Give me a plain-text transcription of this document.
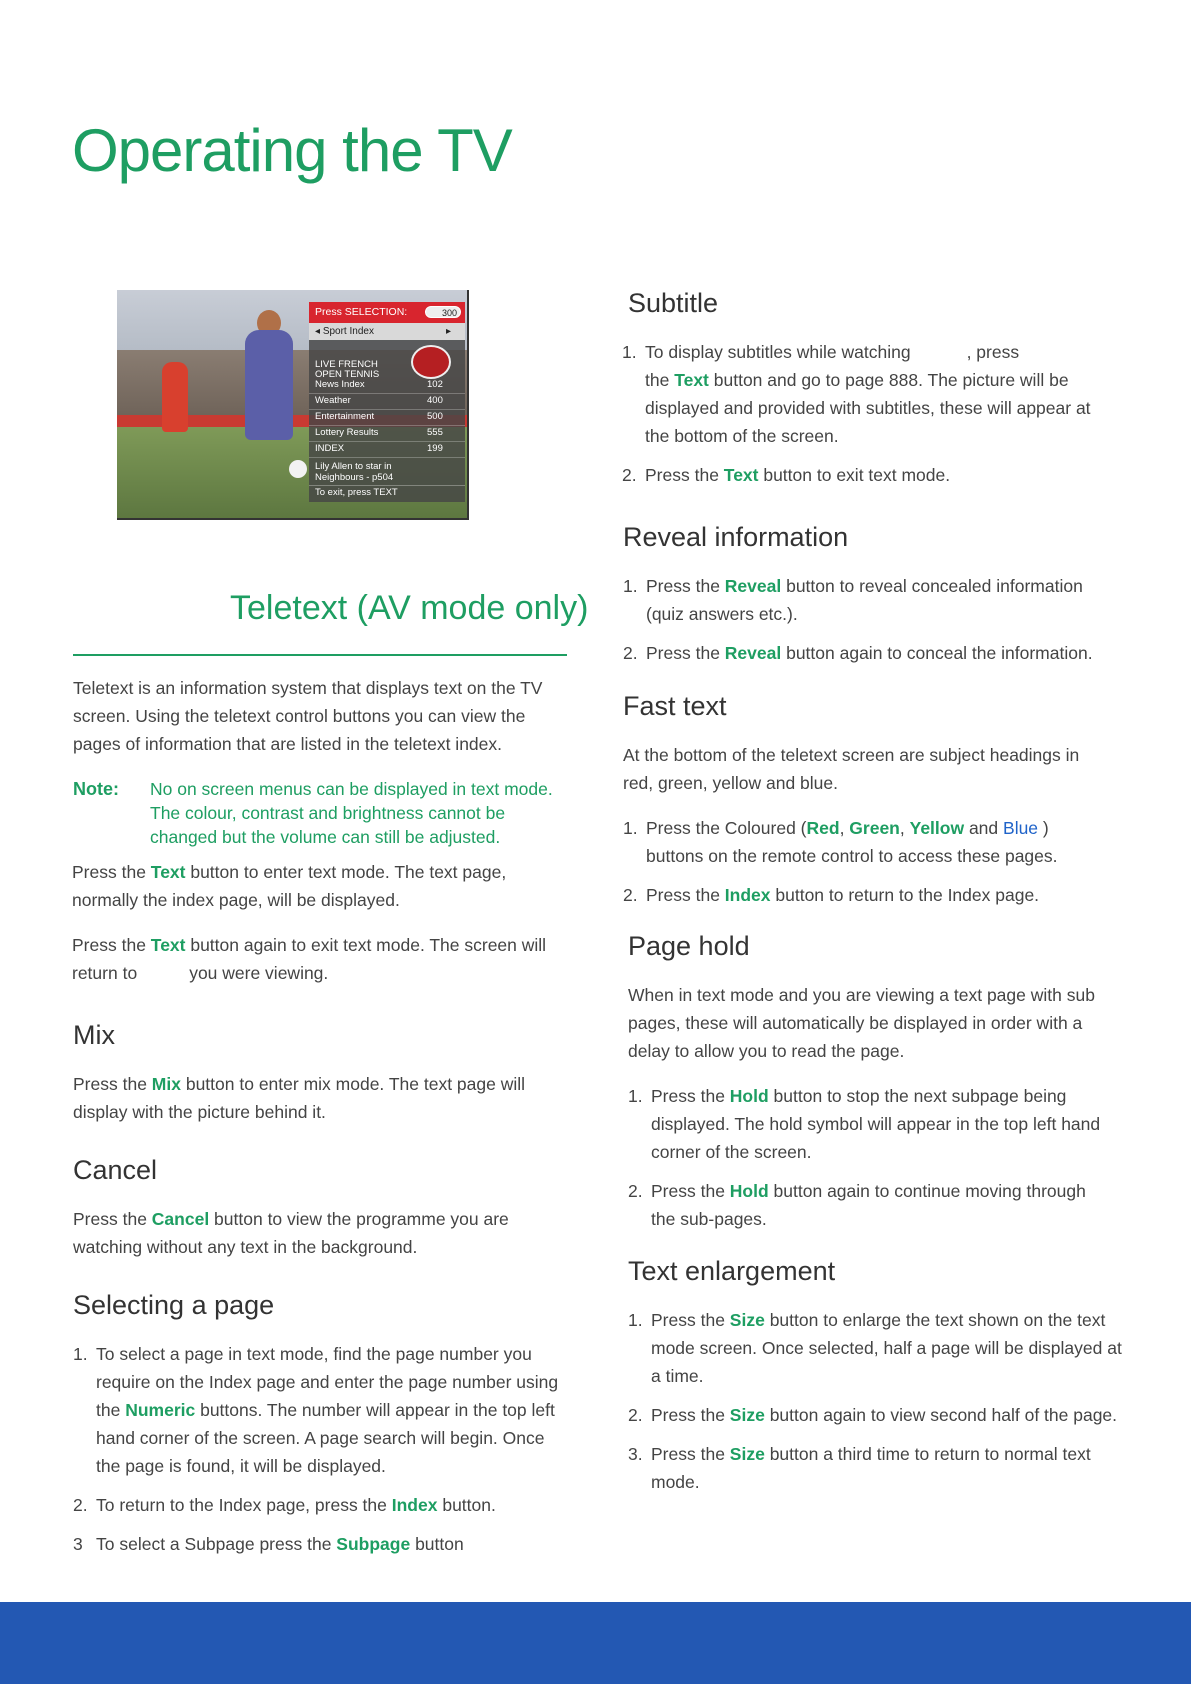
Operating the TV
Press SELECTION:	300
◂ Sport Index	▸
LIVE FRENCH
OPEN TENNIS
News Index	102
Weather	400
Entertainment	500
Lottery Results	555
INDEX	199
Lily Allen to star in
Neighbours - p504
To exit, press TEXT
Teletext (AV mode only)

Teletext is an information system that displays text on the TV screen. Using the teletext control buttons you can view the pages of information that are listed in the teletext index.

Note: No on screen menus can be displayed in text mode. The colour, contrast and brightness cannot be changed but the volume can still be adjusted.

Press the Text button to enter text mode. The text page, normally the index page, will be displayed.

Press the Text button again to exit text mode. The screen will return to	you were viewing.

Mix

Press the Mix button to enter mix mode. The text page will display with the picture behind it.

Cancel

Press the Cancel button to view the programme you are watching without any text in the background.

Selecting a page
1. To select a page in text mode, find the page number you require on the Index page and enter the page number using the Numeric buttons. The number will appear in the top left hand corner of the screen. A page search will begin. Once the page is found, it will be displayed.
2. To return to the Index page, press the Index button.
3 To select a Subpage press the Subpage button
Subtitle
1. To display subtitles while watching	, press
the Text button and go to page 888. The picture will be displayed and provided with subtitles, these will appear at the bottom of the screen.
2. Press the Text button to exit text mode.
Reveal information
1. Press the Reveal button to reveal concealed information (quiz answers etc.).
2. Press the Reveal button again to conceal the information.
Fast text

At the bottom of the teletext screen are subject headings in red, green, yellow and blue.

1. Press the Coloured (Red, Green, Yellow and Blue ) buttons on the remote control to access these pages.
2. Press the Index button to return to the Index page.
Page hold

When in text mode and you are viewing a text page with sub pages, these will automatically be displayed in order with a delay to allow you to read the page.

1. Press the Hold button to stop the next subpage being displayed. The hold symbol will appear in the top left hand corner of the screen.
2. Press the Hold button again to continue moving through the sub-pages.
Text enlargement
1. Press the Size button to enlarge the text shown on the text mode screen. Once selected, half a page will be displayed at a time.
2. Press the Size button again to view second half of the page.
3. Press the Size button a third time to return to normal text mode.
